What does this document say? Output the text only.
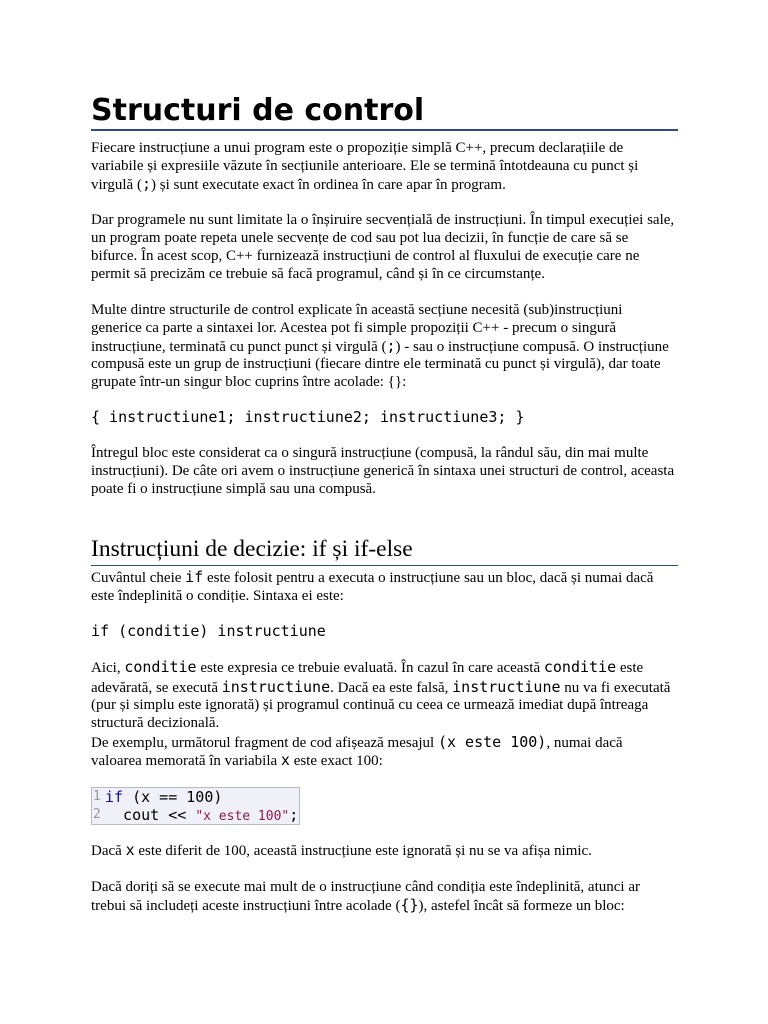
Structuri de control
Fiecare instrucțiune a unui program este o propoziție simplă C++, precum declarațiile de
variabile și expresiile văzute în secțiunile anterioare. Ele se termină întotdeauna cu punct și
virgulă (;) și sunt executate exact în ordinea în care apar în program.
Dar programele nu sunt limitate la o înșiruire secvențială de instrucțiuni. În timpul execuției sale,
un program poate repeta unele secvențe de cod sau pot lua decizii, în funcție de care să se
bifurce. În acest scop, C++ furnizează instrucțiuni de control al fluxului de execuție care ne
permit să precizăm ce trebuie să facă programul, când și în ce circumstanțe.
Multe dintre structurile de control explicate în această secțiune necesită (sub)instrucțiuni
generice ca parte a sintaxei lor. Acestea pot fi simple propoziții C++ - precum o singură
instrucțiune, terminată cu punct punct și virgulă (;) - sau o instrucțiune compusă. O instrucțiune
compusă este un grup de instrucțiuni (fiecare dintre ele terminată cu punct și virgulă), dar toate
grupate într-un singur bloc cuprins între acolade: {}:
{ instructiune1; instructiune2; instructiune3; }
Întregul bloc este considerat ca o singură instrucțiune (compusă, la rândul său, din mai multe
instrucțiuni). De câte ori avem o instrucțiune generică în sintaxa unei structuri de control, aceasta
poate fi o instrucțiune simplă sau una compusă.
Instrucțiuni de decizie: if și if-else
Cuvântul cheie if este folosit pentru a executa o instrucțiune sau un bloc, dacă și numai dacă
este îndeplinită o condiție. Sintaxa ei este:
if (conditie) instructiune
Aici, conditie este expresia ce trebuie evaluată. În cazul în care această conditie este
adevărată, se execută instructiune. Dacă ea este falsă, instructiune nu va fi executată
(pur și simplu este ignorată) și programul continuă cu ceea ce urmează imediat după întreaga
structură decizională.
De exemplu, următorul fragment de cod afișează mesajul (x este 100), numai dacă
valoarea memorată în variabila x este exact 100:
1
2
if (x == 100)
cout << "x este 100";
Dacă x este diferit de 100, această instrucțiune este ignorată și nu se va afișa nimic.
Dacă doriți să se execute mai mult de o instrucțiune când condiția este îndeplinită, atunci ar
trebui să includeți aceste instrucțiuni între acolade ({}), astefel încât să formeze un bloc:
